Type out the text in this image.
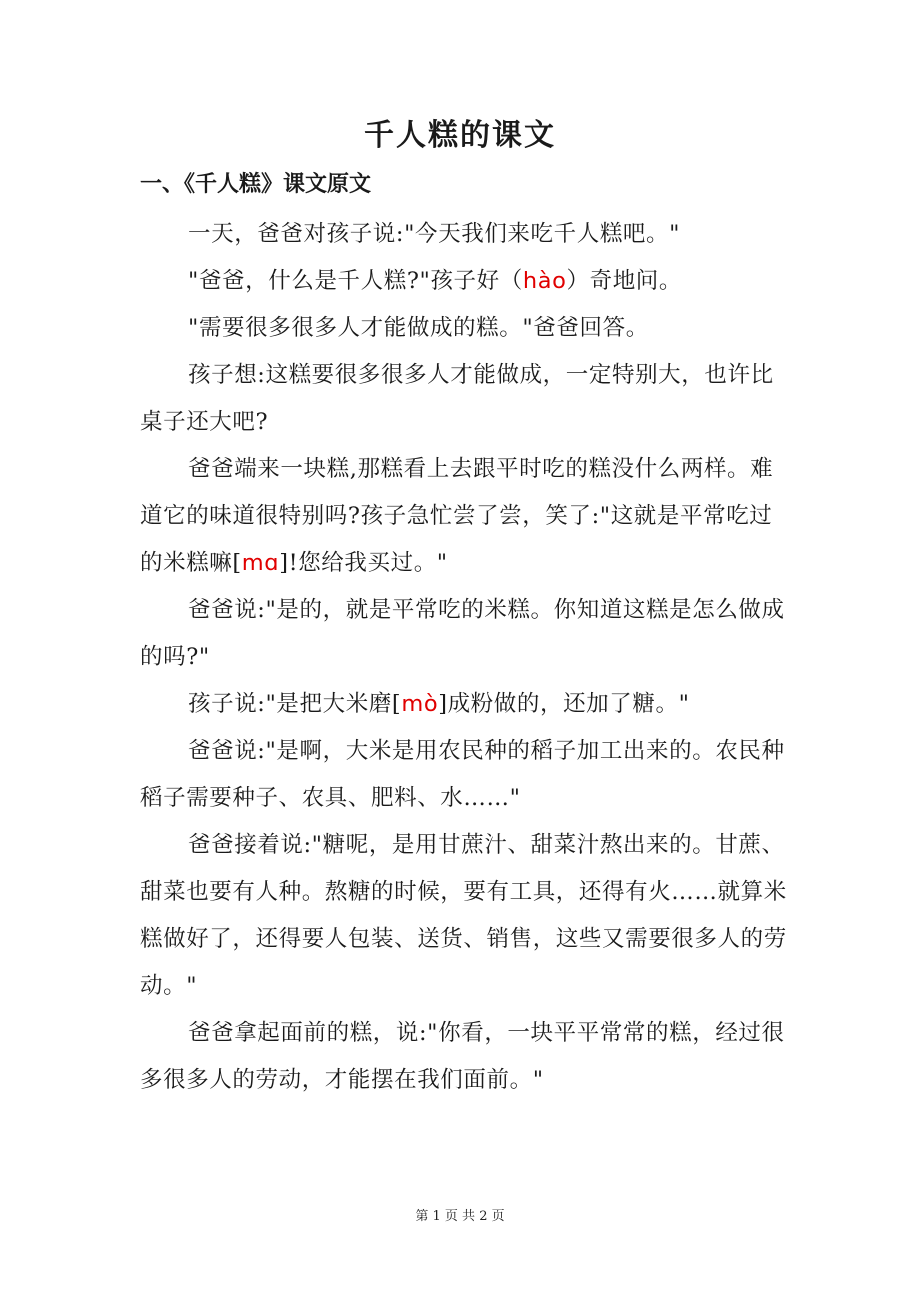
千人糕的课文
一、《千人糕》课文原文

一天，爸爸对孩子说:"今天我们来吃千人糕吧。"

"爸爸，什么是千人糕?"孩子好（hào）奇地问。

"需要很多很多人才能做成的糕。"爸爸回答。

孩子想:这糕要很多很多人才能做成，一定特别大，也许比桌子还大吧?

爸爸端来一块糕,那糕看上去跟平时吃的糕没什么两样。难道它的味道很特别吗?孩子急忙尝了尝，笑了:"这就是平常吃过的米糕嘛[mɑ]!您给我买过。"

爸爸说:"是的，就是平常吃的米糕。你知道这糕是怎么做成的吗?"

孩子说:"是把大米磨[mò]成粉做的，还加了糖。"

爸爸说:"是啊，大米是用农民种的稻子加工出来的。农民种稻子需要种子、农具、肥料、水……"

爸爸接着说:"糖呢，是用甘蔗汁、甜菜汁熬出来的。甘蔗、甜菜也要有人种。熬糖的时候，要有工具，还得有火……就算米糕做好了，还得要人包装、送货、销售，这些又需要很多人的劳动。"

爸爸拿起面前的糕，说:"你看，一块平平常常的糕，经过很多很多人的劳动，才能摆在我们面前。"

第 1 页 共 2 页
